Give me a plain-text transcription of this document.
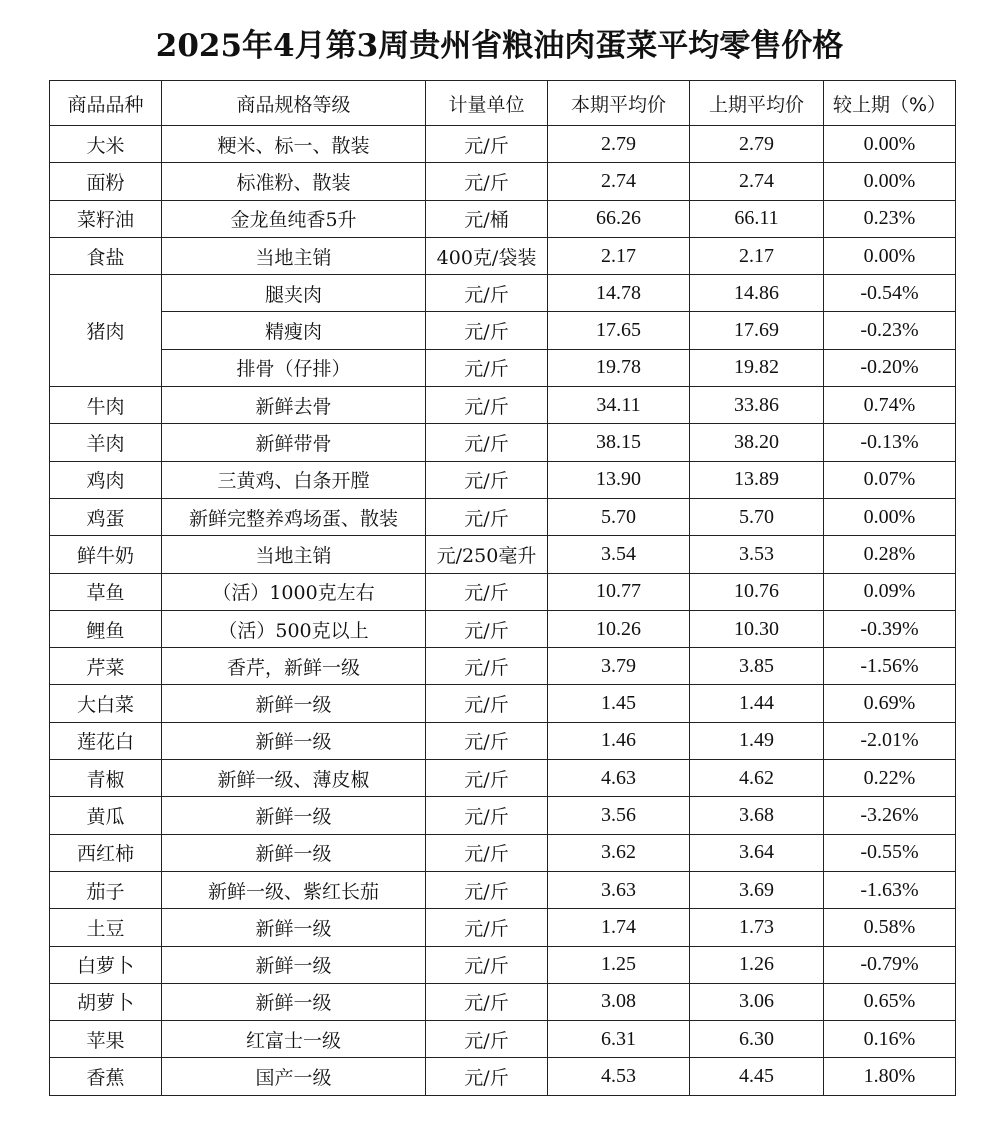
2025年4月第3周贵州省粮油肉蛋菜平均零售价格
商品品种	商品规格等级	计量单位	本期平均价	上期平均价	较上期（%）
大米	粳米、标一、散装	元/斤	2.79	2.79	0.00%
面粉	标准粉、散装	元/斤	2.74	2.74	0.00%
菜籽油	金龙鱼纯香5升	元/桶	66.26	66.11	0.23%
食盐	当地主销	400克/袋装	2.17	2.17	0.00%
猪肉	腿夹肉	元/斤	14.78	14.86	-0.54%
	精瘦肉	元/斤	17.65	17.69	-0.23%
	排骨（仔排）	元/斤	19.78	19.82	-0.20%
牛肉	新鲜去骨	元/斤	34.11	33.86	0.74%
羊肉	新鲜带骨	元/斤	38.15	38.20	-0.13%
鸡肉	三黄鸡、白条开膛	元/斤	13.90	13.89	0.07%
鸡蛋	新鲜完整养鸡场蛋、散装	元/斤	5.70	5.70	0.00%
鲜牛奶	当地主销	元/250毫升	3.54	3.53	0.28%
草鱼	（活）1000克左右	元/斤	10.77	10.76	0.09%
鲤鱼	（活）500克以上	元/斤	10.26	10.30	-0.39%
芹菜	香芹，新鲜一级	元/斤	3.79	3.85	-1.56%
大白菜	新鲜一级	元/斤	1.45	1.44	0.69%
莲花白	新鲜一级	元/斤	1.46	1.49	-2.01%
青椒	新鲜一级、薄皮椒	元/斤	4.63	4.62	0.22%
黄瓜	新鲜一级	元/斤	3.56	3.68	-3.26%
西红柿	新鲜一级	元/斤	3.62	3.64	-0.55%
茄子	新鲜一级、紫红长茄	元/斤	3.63	3.69	-1.63%
土豆	新鲜一级	元/斤	1.74	1.73	0.58%
白萝卜	新鲜一级	元/斤	1.25	1.26	-0.79%
胡萝卜	新鲜一级	元/斤	3.08	3.06	0.65%
苹果	红富士一级	元/斤	6.31	6.30	0.16%
香蕉	国产一级	元/斤	4.53	4.45	1.80%
